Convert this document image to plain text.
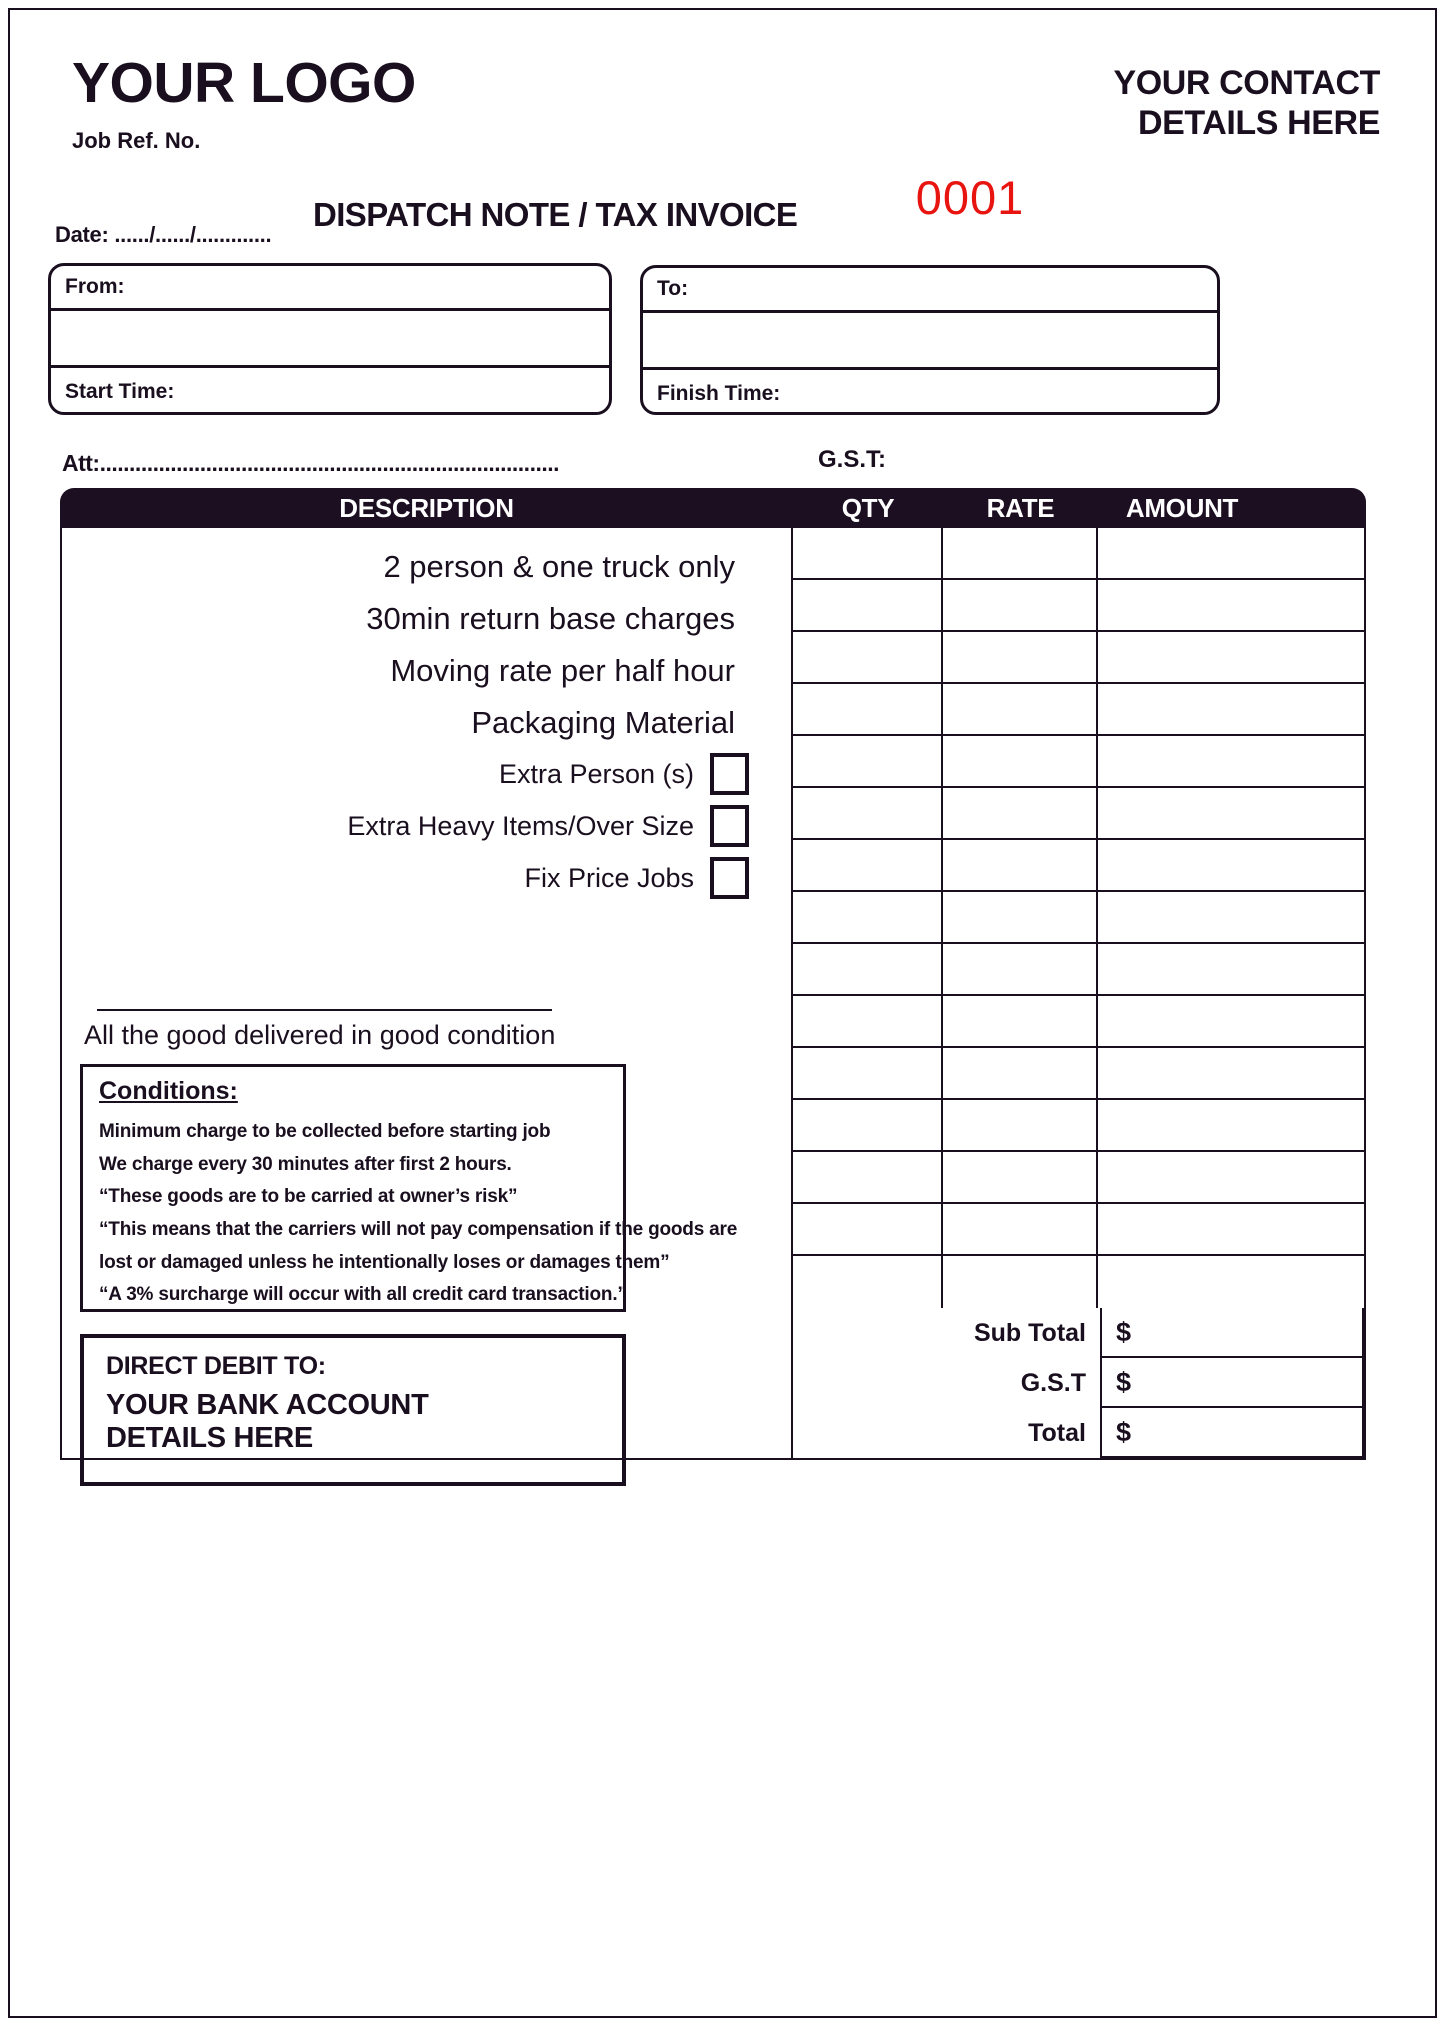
YOUR LOGO
Job Ref. No.
YOUR CONTACT
DETAILS HERE
0001
DISPATCH NOTE / TAX INVOICE
Date: ....../....../.............
From:
Start Time:
To:
Finish Time:
Att:..............................................................................	G.S.T:
DESCRIPTION	QTY	RATE	AMOUNT
2 person & one truck only
30min return base charges
Moving rate per half hour
Packaging Material
Extra Person (s)
Extra Heavy Items/Over Size
Fix Price Jobs
All the good delivered in good condition
Conditions:
Minimum charge to be collected before starting job
We charge every 30 minutes after first 2 hours.
“These goods are to be carried at owner’s risk”
“This means that the carriers will not pay compensation if the goods are
lost or damaged unless he intentionally loses or damages them”
“A 3% surcharge will occur with all credit card transaction.”
DIRECT DEBIT TO:
YOUR BANK ACCOUNT
DETAILS HERE
Sub Total	$
G.S.T	$
Total	$
